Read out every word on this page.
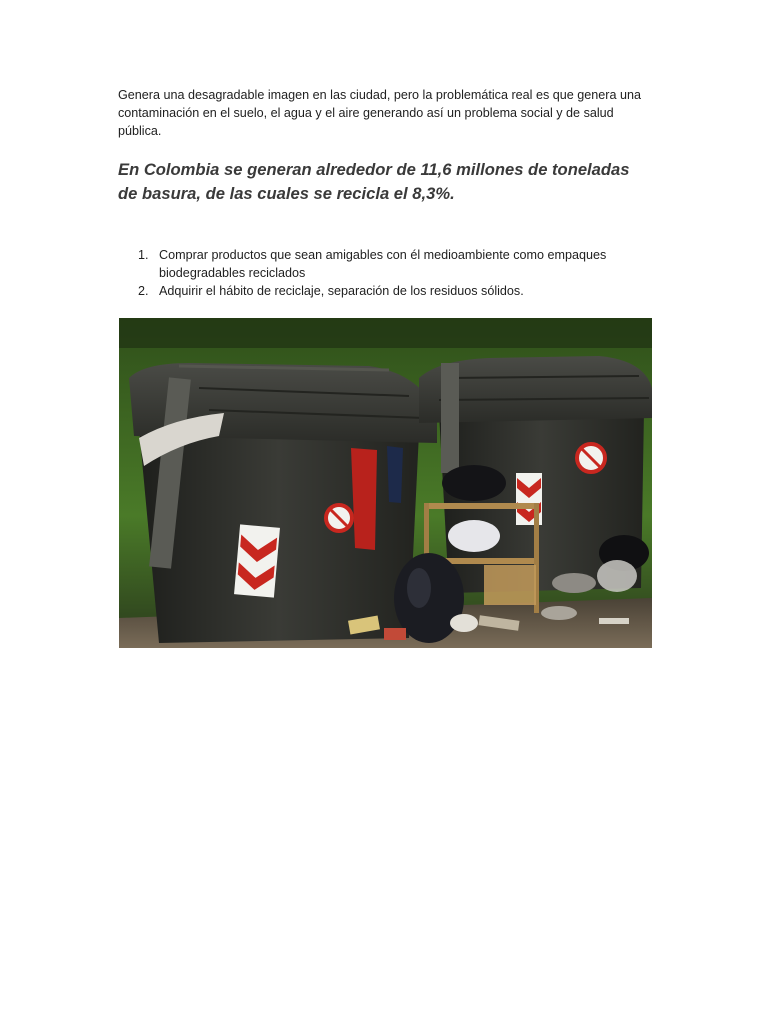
Genera una desagradable imagen en las ciudad, pero la problemática real es que genera una contaminación en el suelo, el agua y el aire generando así un problema social y de salud pública.

En Colombia se generan alrededor de 11,6 millones de toneladas de basura, de las cuales se recicla el 8,3%.

1. Comprar productos que sean amigables con él medioambiente como empaques biodegradables reciclados
2. Adquirir el hábito de reciclaje, separación de los residuos sólidos.
